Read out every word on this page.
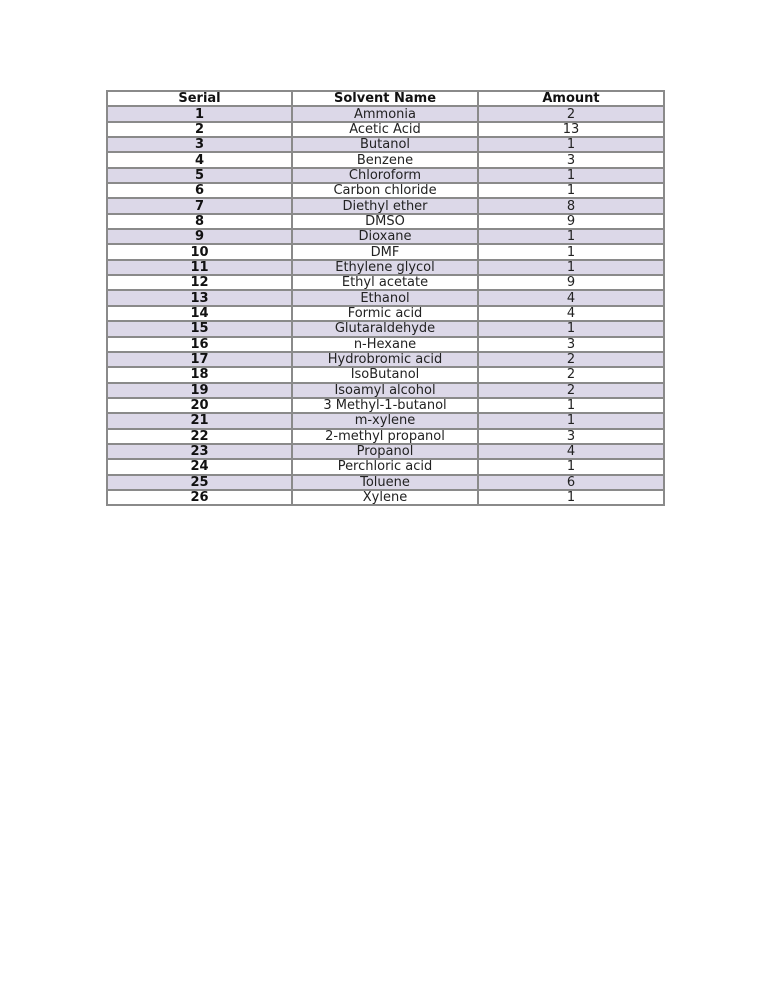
Serial	Solvent Name	Amount
1	Ammonia	2
2	Acetic Acid	13
3	Butanol	1
4	Benzene	3
5	Chloroform	1
6	Carbon chloride	1
7	Diethyl ether	8
8	DMSO	9
9	Dioxane	1
10	DMF	1
11	Ethylene glycol	1
12	Ethyl acetate	9
13	Ethanol	4
14	Formic acid	4
15	Glutaraldehyde	1
16	n-Hexane	3
17	Hydrobromic acid	2
18	IsoButanol	2
19	Isoamyl alcohol	2
20	3 Methyl-1-butanol	1
21	m-xylene	1
22	2-methyl propanol	3
23	Propanol	4
24	Perchloric acid	1
25	Toluene	6
26	Xylene	1
